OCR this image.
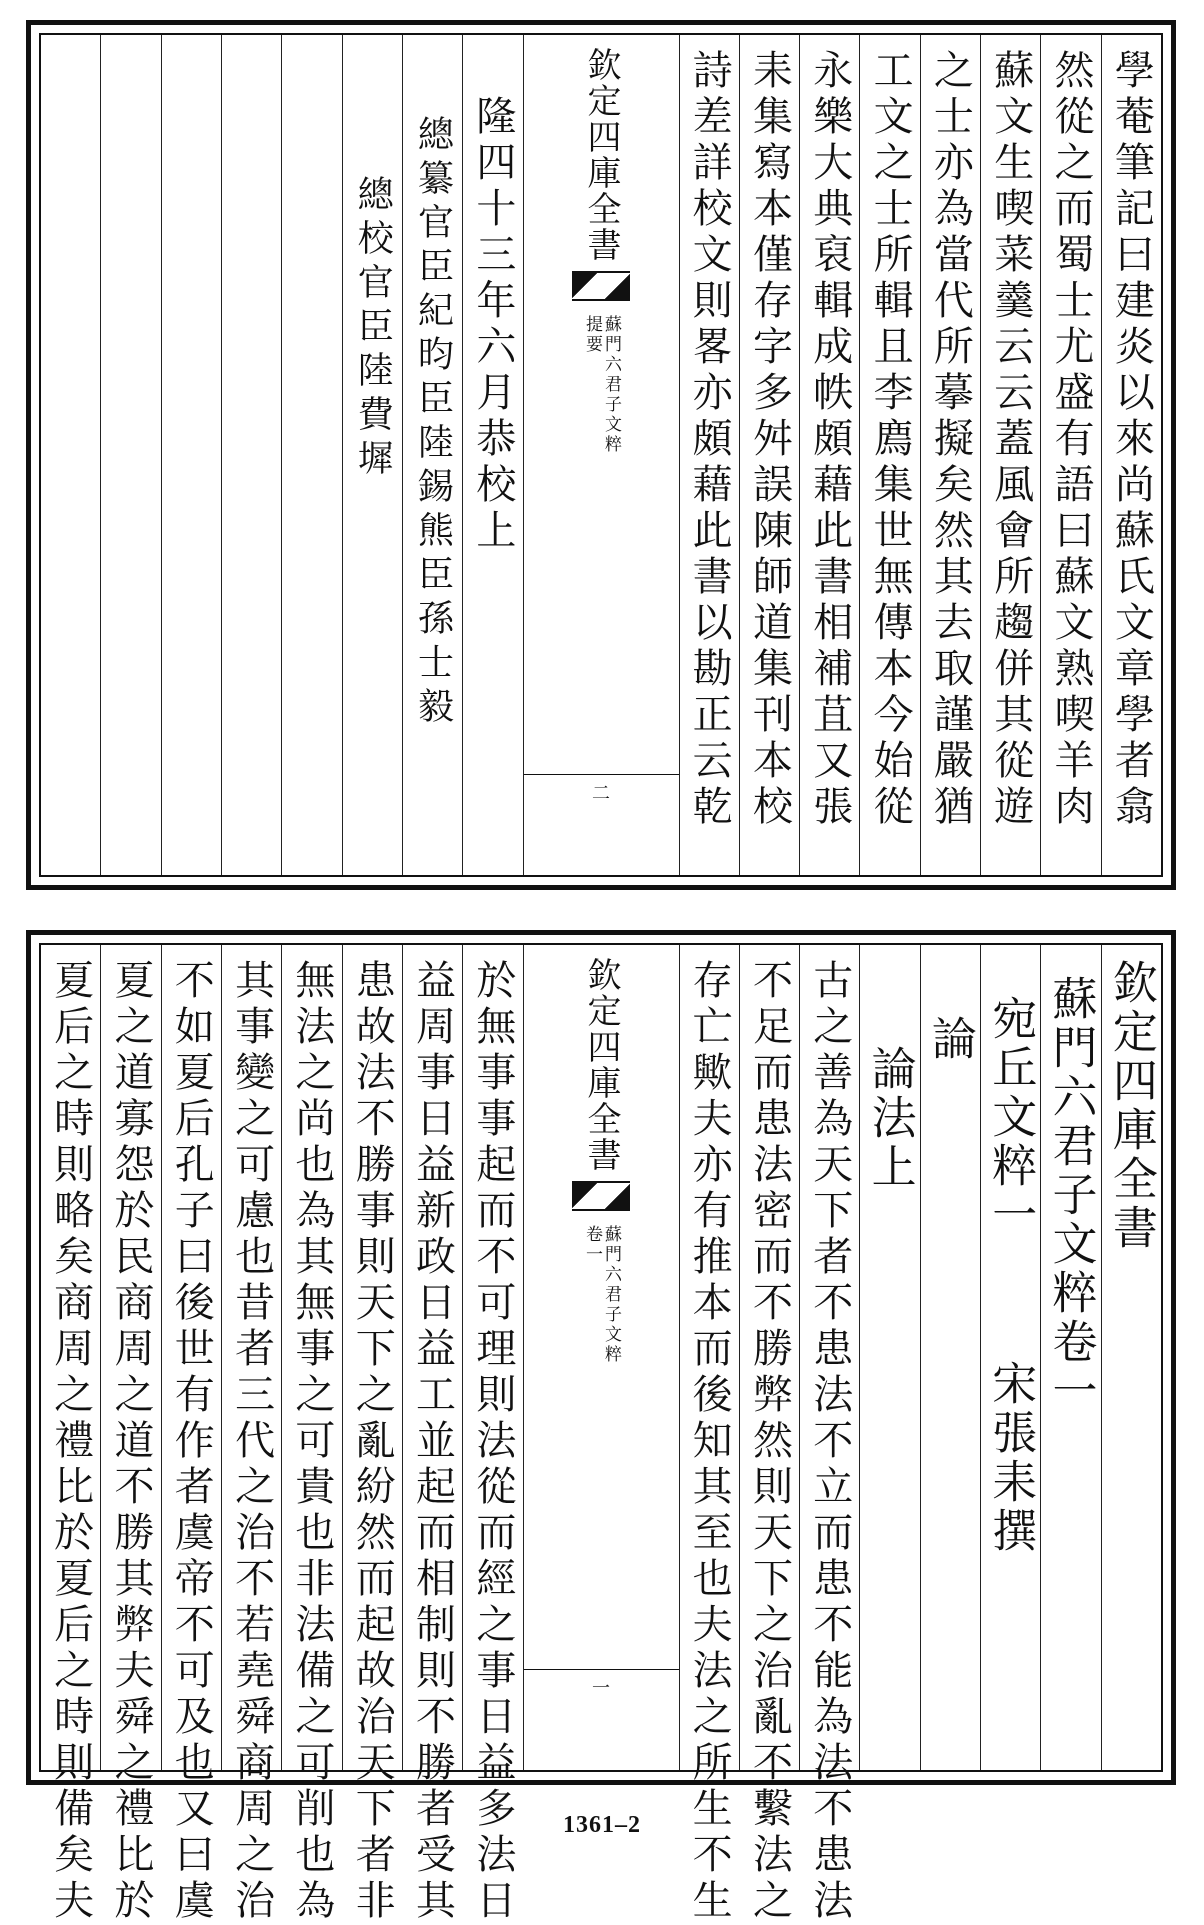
學菴筆記曰建炎以來尚蘇氏文章學者翕
然從之而蜀士尤盛有語曰蘇文熟喫羊肉
蘇文生喫菜羹云云蓋風會所趨併其從遊
之士亦為當代所摹擬矣然其去取謹嚴猶
工文之士所輯且李廌集世無傳本今始從
永樂大典裒輯成帙頗藉此書相補苴又張
耒集寫本僅存字多舛誤陳師道集刊本校
詩差詳校文則畧亦頗藉此書以勘正云乾
欽定四庫全書
蘇門六君子文粹
提要
二
隆四十三年六月恭校上
總纂官臣紀昀臣陸錫熊臣孫士毅
總校官臣陸費墀
欽定四庫全書
蘇門六君子文粹卷一
宛丘文粹一
宋張耒撰
論
論法上
古之善為天下者不患法不立而患不能為法不患法
不足而患法密而不勝弊然則天下之治亂不繫法之
存亡歟夫亦有推本而後知其至也夫法之所生不生
欽定四庫全書
蘇門六君子文粹
卷一
一
於無事事起而不可理則法從而經之事日益多法日
益周事日益新政日益工並起而相制則不勝者受其
患故法不勝事則天下之亂紛然而起故治天下者非
無法之尚也為其無事之可貴也非法備之可削也為
其事變之可慮也昔者三代之治不若堯舜商周之治
不如夏后孔子曰後世有作者虞帝不可及也又曰虞
夏之道寡怨於民商周之道不勝其弊夫舜之禮比於
夏后之時則略矣商周之禮比於夏后之時則備矣夫	1361–2
